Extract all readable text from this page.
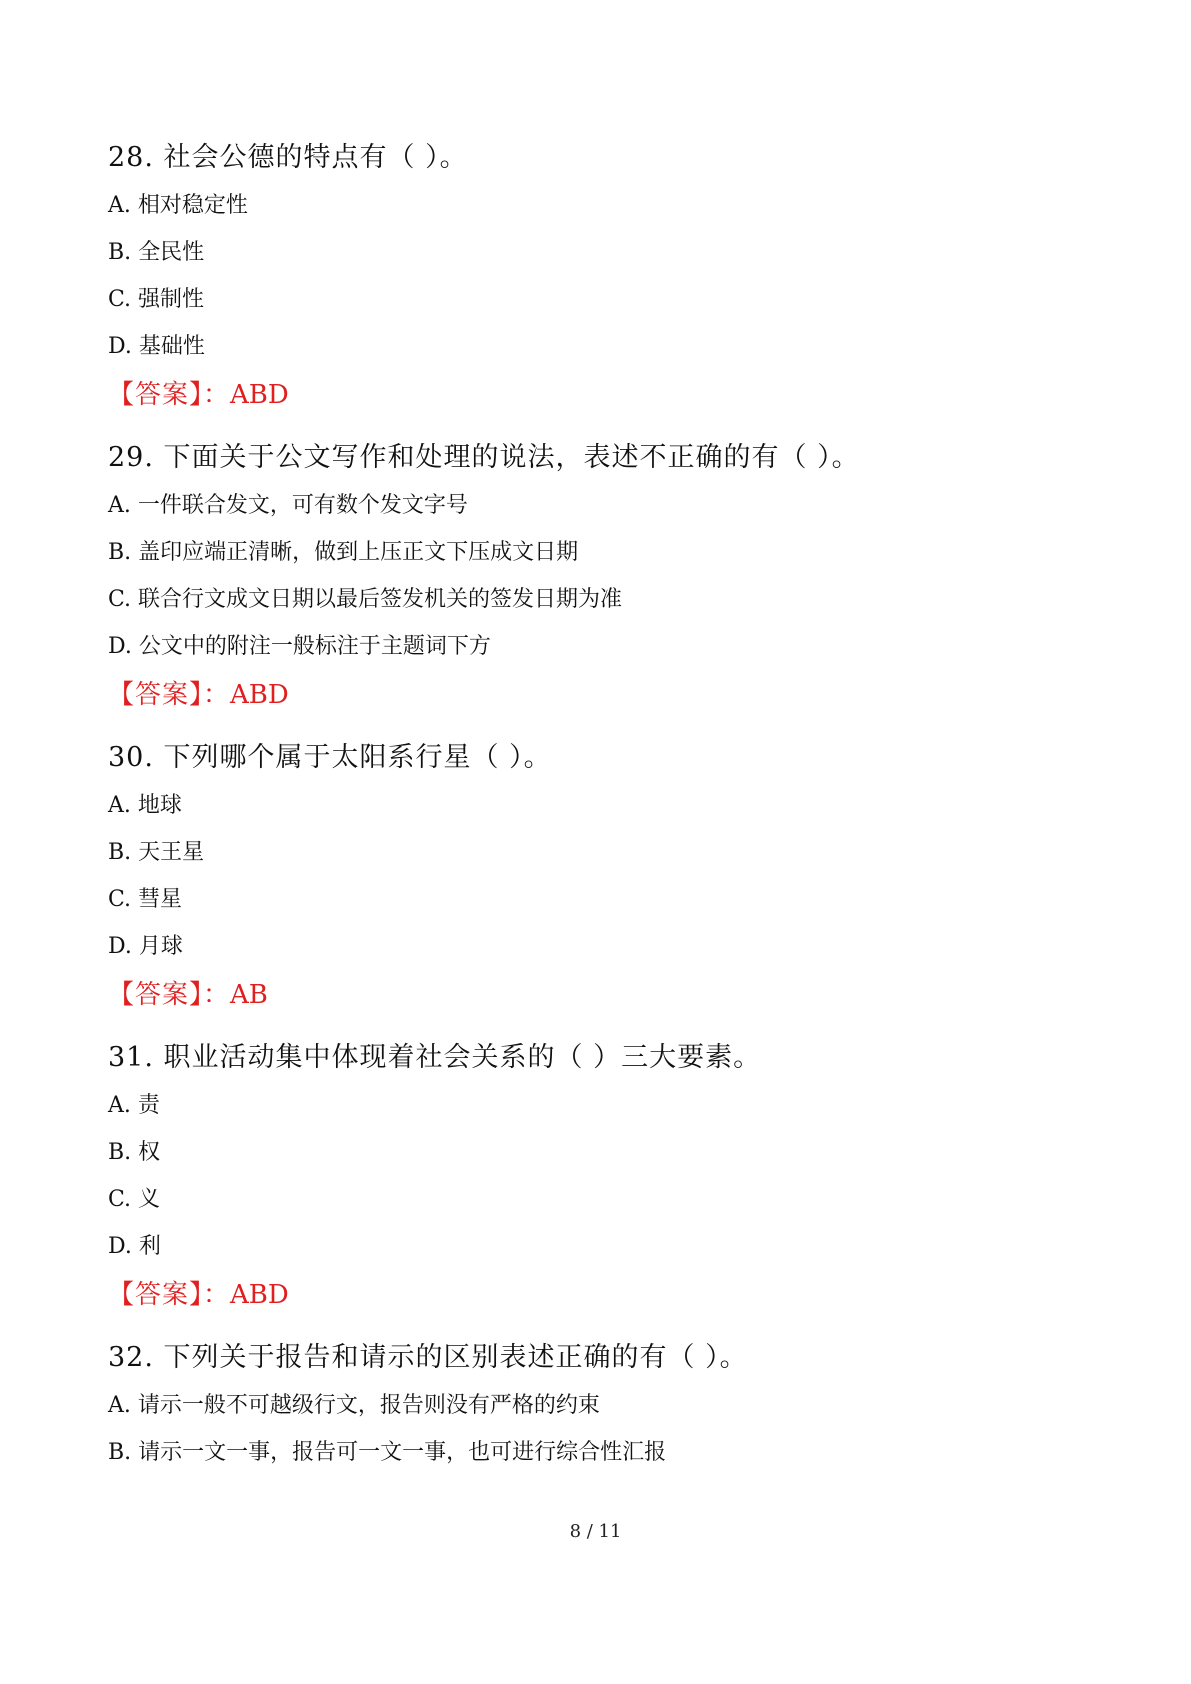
28. 社会公德的特点有（ ）。
A. 相对稳定性
B. 全民性
C. 强制性
D. 基础性
【答案】：ABD
29. 下面关于公文写作和处理的说法，表述不正确的有（ ）。
A. 一件联合发文，可有数个发文字号
B. 盖印应端正清晰，做到上压正文下压成文日期
C. 联合行文成文日期以最后签发机关的签发日期为准
D. 公文中的附注一般标注于主题词下方
【答案】：ABD
30. 下列哪个属于太阳系行星（ ）。
A. 地球
B. 天王星
C. 彗星
D. 月球
【答案】：AB
31. 职业活动集中体现着社会关系的（ ）三大要素。
A. 责
B. 权
C. 义
D. 利
【答案】：ABD
32. 下列关于报告和请示的区别表述正确的有（ ）。
A. 请示一般不可越级行文，报告则没有严格的约束
B. 请示一文一事，报告可一文一事，也可进行综合性汇报
8 / 11
